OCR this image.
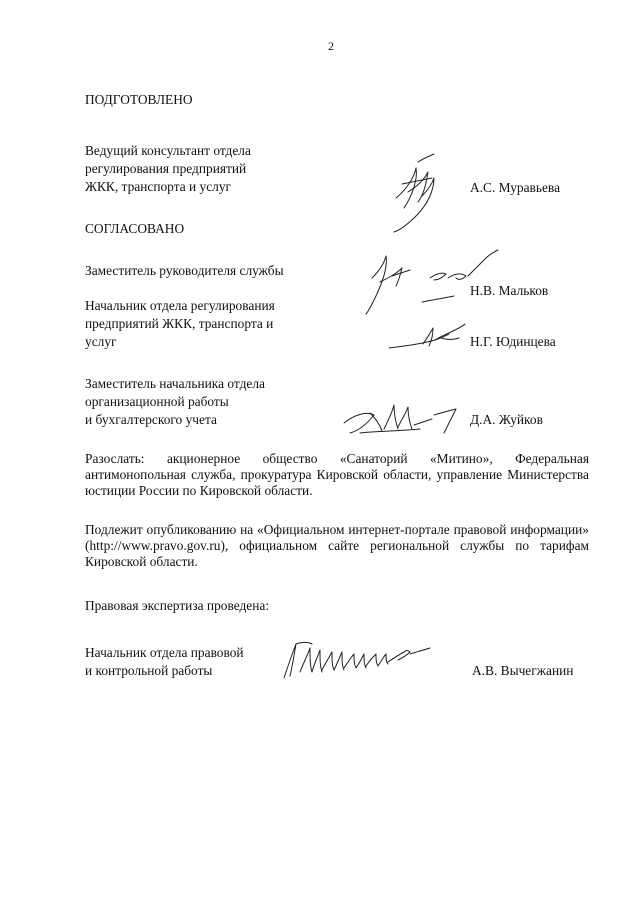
2
ПОДГОТОВЛЕНО
Ведущий консультант отдела
регулирования предприятий
ЖКК, транспорта и услуг	А.С. Муравьева
СОГЛАСОВАНО
Заместитель руководителя службы
Н.В. Мальков
Начальник отдела регулирования
предприятий ЖКК, транспорта и
услуг	Н.Г. Юдинцева
Заместитель начальника отдела
организационной работы
и бухгалтерского учета	Д.А. Жуйков
Разослать: акционерное общество «Санаторий «Митино», Федеральная антимонопольная служба, прокуратура Кировской области, управление Министерства юстиции России по Кировской области.
Подлежит опубликованию на «Официальном интернет-портале правовой информации» (http://www.pravo.gov.ru), официальном сайте региональной службы по тарифам Кировской области.
Правовая экспертиза проведена:
Начальник отдела правовой
и контрольной работы	А.В. Вычегжанин
